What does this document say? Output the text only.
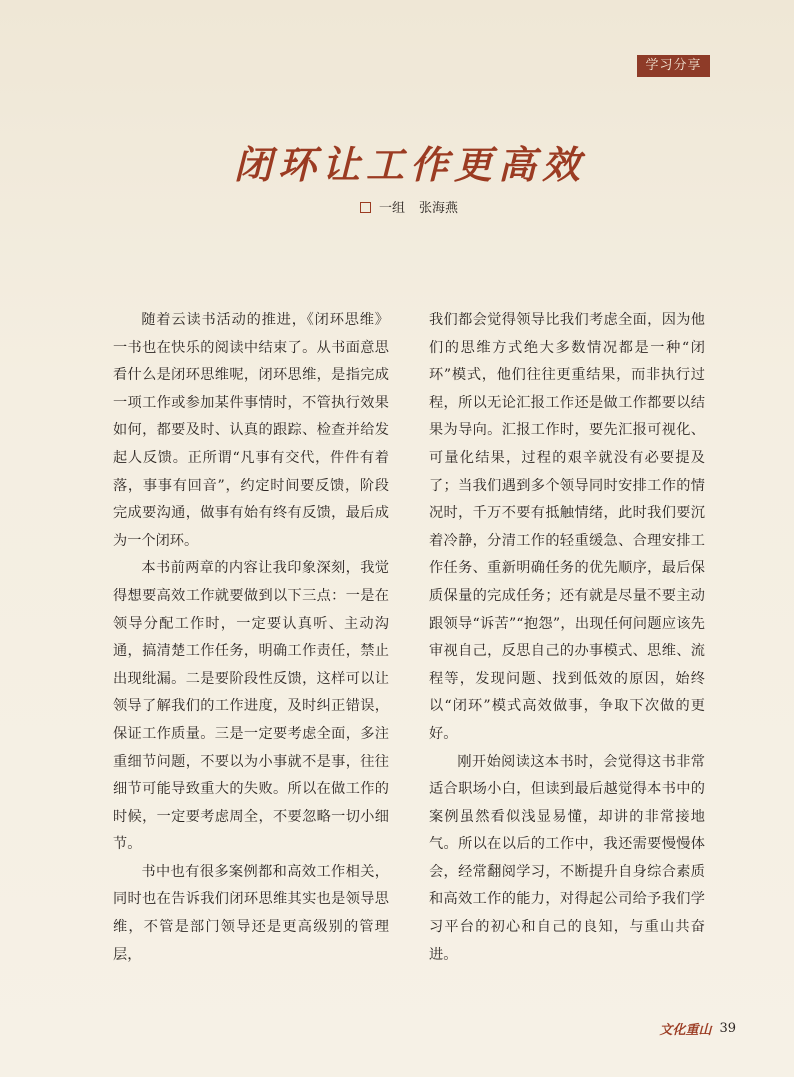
学习分享
闭环让工作更高效
一组 张海燕

随着云读书活动的推进，《闭环思维》一书也在快乐的阅读中结束了。从书面意思看什么是闭环思维呢，闭环思维，是指完成一项工作或参加某件事情时，不管执行效果如何，都要及时、认真的跟踪、检查并给发起人反馈。正所谓“凡事有交代，件件有着落，事事有回音”，约定时间要反馈，阶段完成要沟通，做事有始有终有反馈，最后成为一个闭环。

本书前两章的内容让我印象深刻，我觉得想要高效工作就要做到以下三点：一是在领导分配工作时，一定要认真听、主动沟通，搞清楚工作任务，明确工作责任，禁止出现纰漏。二是要阶段性反馈，这样可以让领导了解我们的工作进度，及时纠正错误，保证工作质量。三是一定要考虑全面，多注重细节问题，不要以为小事就不是事，往往细节可能导致重大的失败。所以在做工作的时候，一定要考虑周全，不要忽略一切小细节。

书中也有很多案例都和高效工作相关，同时也在告诉我们闭环思维其实也是领导思维，不管是部门领导还是更高级别的管理层，

我们都会觉得领导比我们考虑全面，因为他们的思维方式绝大多数情况都是一种“闭环”模式，他们往往更重结果，而非执行过程，所以无论汇报工作还是做工作都要以结果为导向。汇报工作时，要先汇报可视化、可量化结果，过程的艰辛就没有必要提及了；当我们遇到多个领导同时安排工作的情况时，千万不要有抵触情绪，此时我们要沉着冷静，分清工作的轻重缓急、合理安排工作任务、重新明确任务的优先顺序，最后保质保量的完成任务；还有就是尽量不要主动跟领导“诉苦”“抱怨”，出现任何问题应该先审视自己，反思自己的办事模式、思维、流程等，发现问题、找到低效的原因，始终以“闭环”模式高效做事，争取下次做的更好。

刚开始阅读这本书时，会觉得这书非常适合职场小白，但读到最后越觉得本书中的案例虽然看似浅显易懂，却讲的非常接地气。所以在以后的工作中，我还需要慢慢体会，经常翻阅学习，不断提升自身综合素质和高效工作的能力，对得起公司给予我们学习平台的初心和自己的良知，与重山共奋进。

文化重山 39
